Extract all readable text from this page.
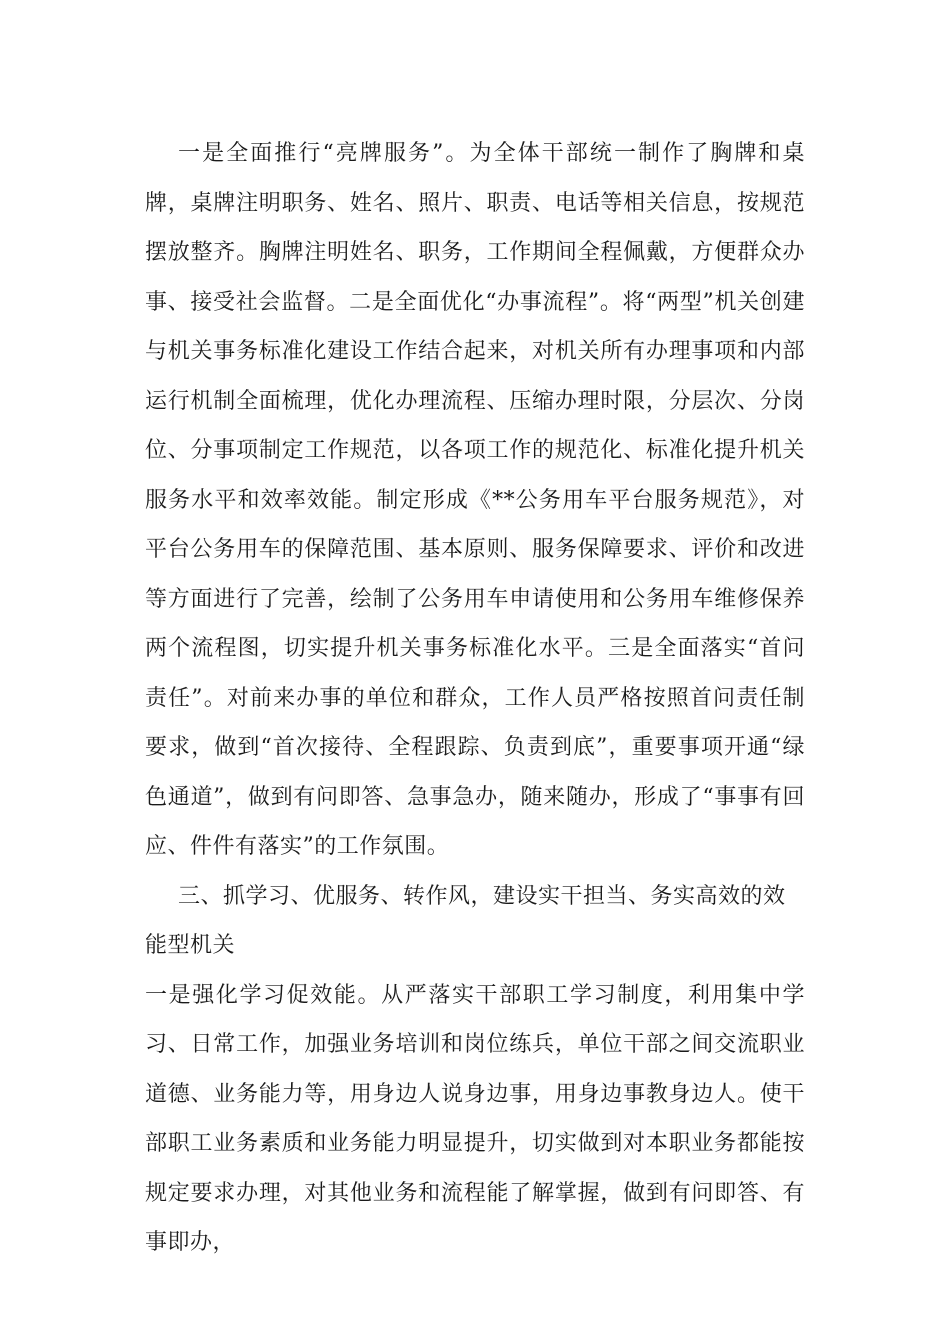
一是全面推行“亮牌服务”。为全体干部统一制作了胸牌和桌牌，桌牌注明职务、姓名、照片、职责、电话等相关信息，按规范摆放整齐。胸牌注明姓名、职务，工作期间全程佩戴，方便群众办事、接受社会监督。二是全面优化“办事流程”。将“两型”机关创建与机关事务标准化建设工作结合起来，对机关所有办理事项和内部运行机制全面梳理，优化办理流程、压缩办理时限，分层次、分岗位、分事项制定工作规范，以各项工作的规范化、标准化提升机关服务水平和效率效能。制定形成《**公务用车平台服务规范》，对平台公务用车的保障范围、基本原则、服务保障要求、评价和改进等方面进行了完善，绘制了公务用车申请使用和公务用车维修保养两个流程图，切实提升机关事务标准化水平。三是全面落实“首问责任”。对前来办事的单位和群众，工作人员严格按照首问责任制要求，做到“首次接待、全程跟踪、负责到底”，重要事项开通“绿色通道”，做到有问即答、急事急办，随来随办，形成了“事事有回应、件件有落实”的工作氛围。

三、抓学习、优服务、转作风，建设实干担当、务实高效的效能型机关

一是强化学习促效能。从严落实干部职工学习制度，利用集中学习、日常工作，加强业务培训和岗位练兵，单位干部之间交流职业道德、业务能力等，用身边人说身边事，用身边事教身边人。使干部职工业务素质和业务能力明显提升，切实做到对本职业务都能按规定要求办理，对其他业务和流程能了解掌握，做到有问即答、有事即办，
